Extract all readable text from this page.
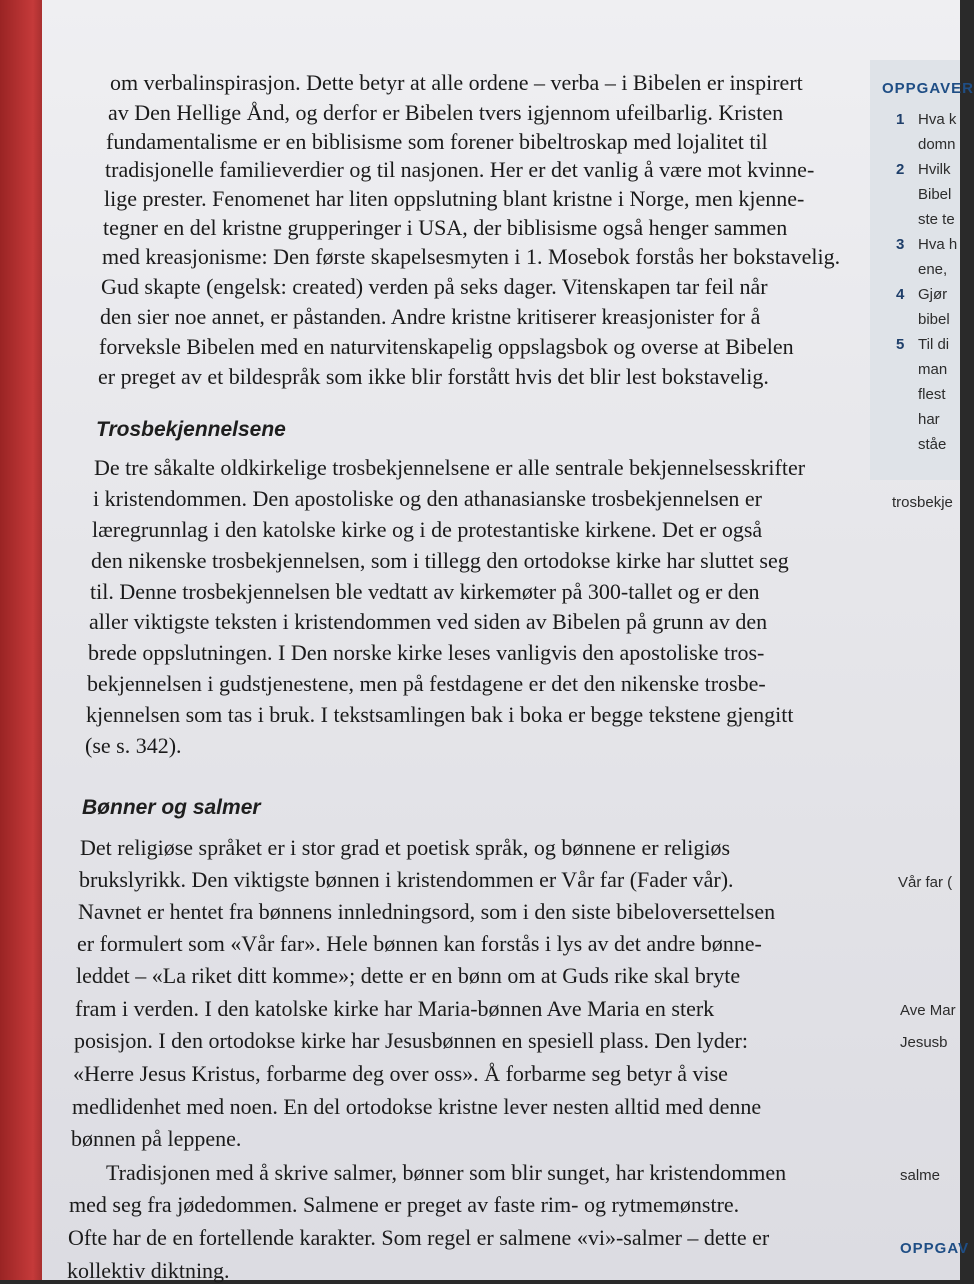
om verbalinspirasjon. Dette betyr at alle ordene – verba – i Bibelen er inspirert
av Den Hellige Ånd, og derfor er Bibelen tvers igjennom ufeilbarlig. Kristen
fundamentalisme er en biblisisme som forener bibeltroskap med lojalitet til
tradisjonelle familieverdier og til nasjonen. Her er det vanlig å være mot kvinne-
lige prester. Fenomenet har liten oppslutning blant kristne i Norge, men kjenne-
tegner en del kristne grupperinger i USA, der biblisisme også henger sammen
med kreasjonisme: Den første skapelsesmyten i 1. Mosebok forstås her bokstavelig.
Gud skapte (engelsk: created) verden på seks dager. Vitenskapen tar feil når
den sier noe annet, er påstanden. Andre kristne kritiserer kreasjonister for å
forveksle Bibelen med en naturvitenskapelig oppslagsbok og overse at Bibelen
er preget av et bildespråk som ikke blir forstått hvis det blir lest bokstavelig.
Trosbekjennelsene
De tre såkalte oldkirkelige trosbekjennelsene er alle sentrale bekjennelsesskrifter
i kristendommen. Den apostoliske og den athanasianske trosbekjennelsen er
læregrunnlag i den katolske kirke og i de protestantiske kirkene. Det er også
den nikenske trosbekjennelsen, som i tillegg den ortodokse kirke har sluttet seg
til. Denne trosbekjennelsen ble vedtatt av kirkemøter på 300-tallet og er den
aller viktigste teksten i kristendommen ved siden av Bibelen på grunn av den
brede oppslutningen. I Den norske kirke leses vanligvis den apostoliske tros-
bekjennelsen i gudstjenestene, men på festdagene er det den nikenske trosbe-
kjennelsen som tas i bruk. I tekstsamlingen bak i boka er begge tekstene gjengitt
(se s. 342).
Bønner og salmer
Det religiøse språket er i stor grad et poetisk språk, og bønnene er religiøs
brukslyrikk. Den viktigste bønnen i kristendommen er Vår far (Fader vår).
Navnet er hentet fra bønnens innledningsord, som i den siste bibeloversettelsen
er formulert som «Vår far». Hele bønnen kan forstås i lys av det andre bønne-
leddet – «La riket ditt komme»; dette er en bønn om at Guds rike skal bryte
fram i verden. I den katolske kirke har Maria-bønnen Ave Maria en sterk
posisjon. I den ortodokse kirke har Jesusbønnen en spesiell plass. Den lyder:
«Herre Jesus Kristus, forbarme deg over oss». Å forbarme seg betyr å vise
medlidenhet med noen. En del ortodokse kristne lever nesten alltid med denne
bønnen på leppene.
Tradisjonen med å skrive salmer, bønner som blir sunget, har kristendommen
med seg fra jødedommen. Salmene er preget av faste rim- og rytmemønstre.
Ofte har de en fortellende karakter. Som regel er salmene «vi»-salmer – dette er
kollektiv diktning.
OPPGAVER
1 Hva k
domn
2 Hvilk
Bibel
ste te
3 Hva h
ene,
4 Gjør
bibel
5 Til di
man
flest
har
ståe
trosbekje
Vår far (
Ave Mar
Jesusb
salme
OPPGAV
